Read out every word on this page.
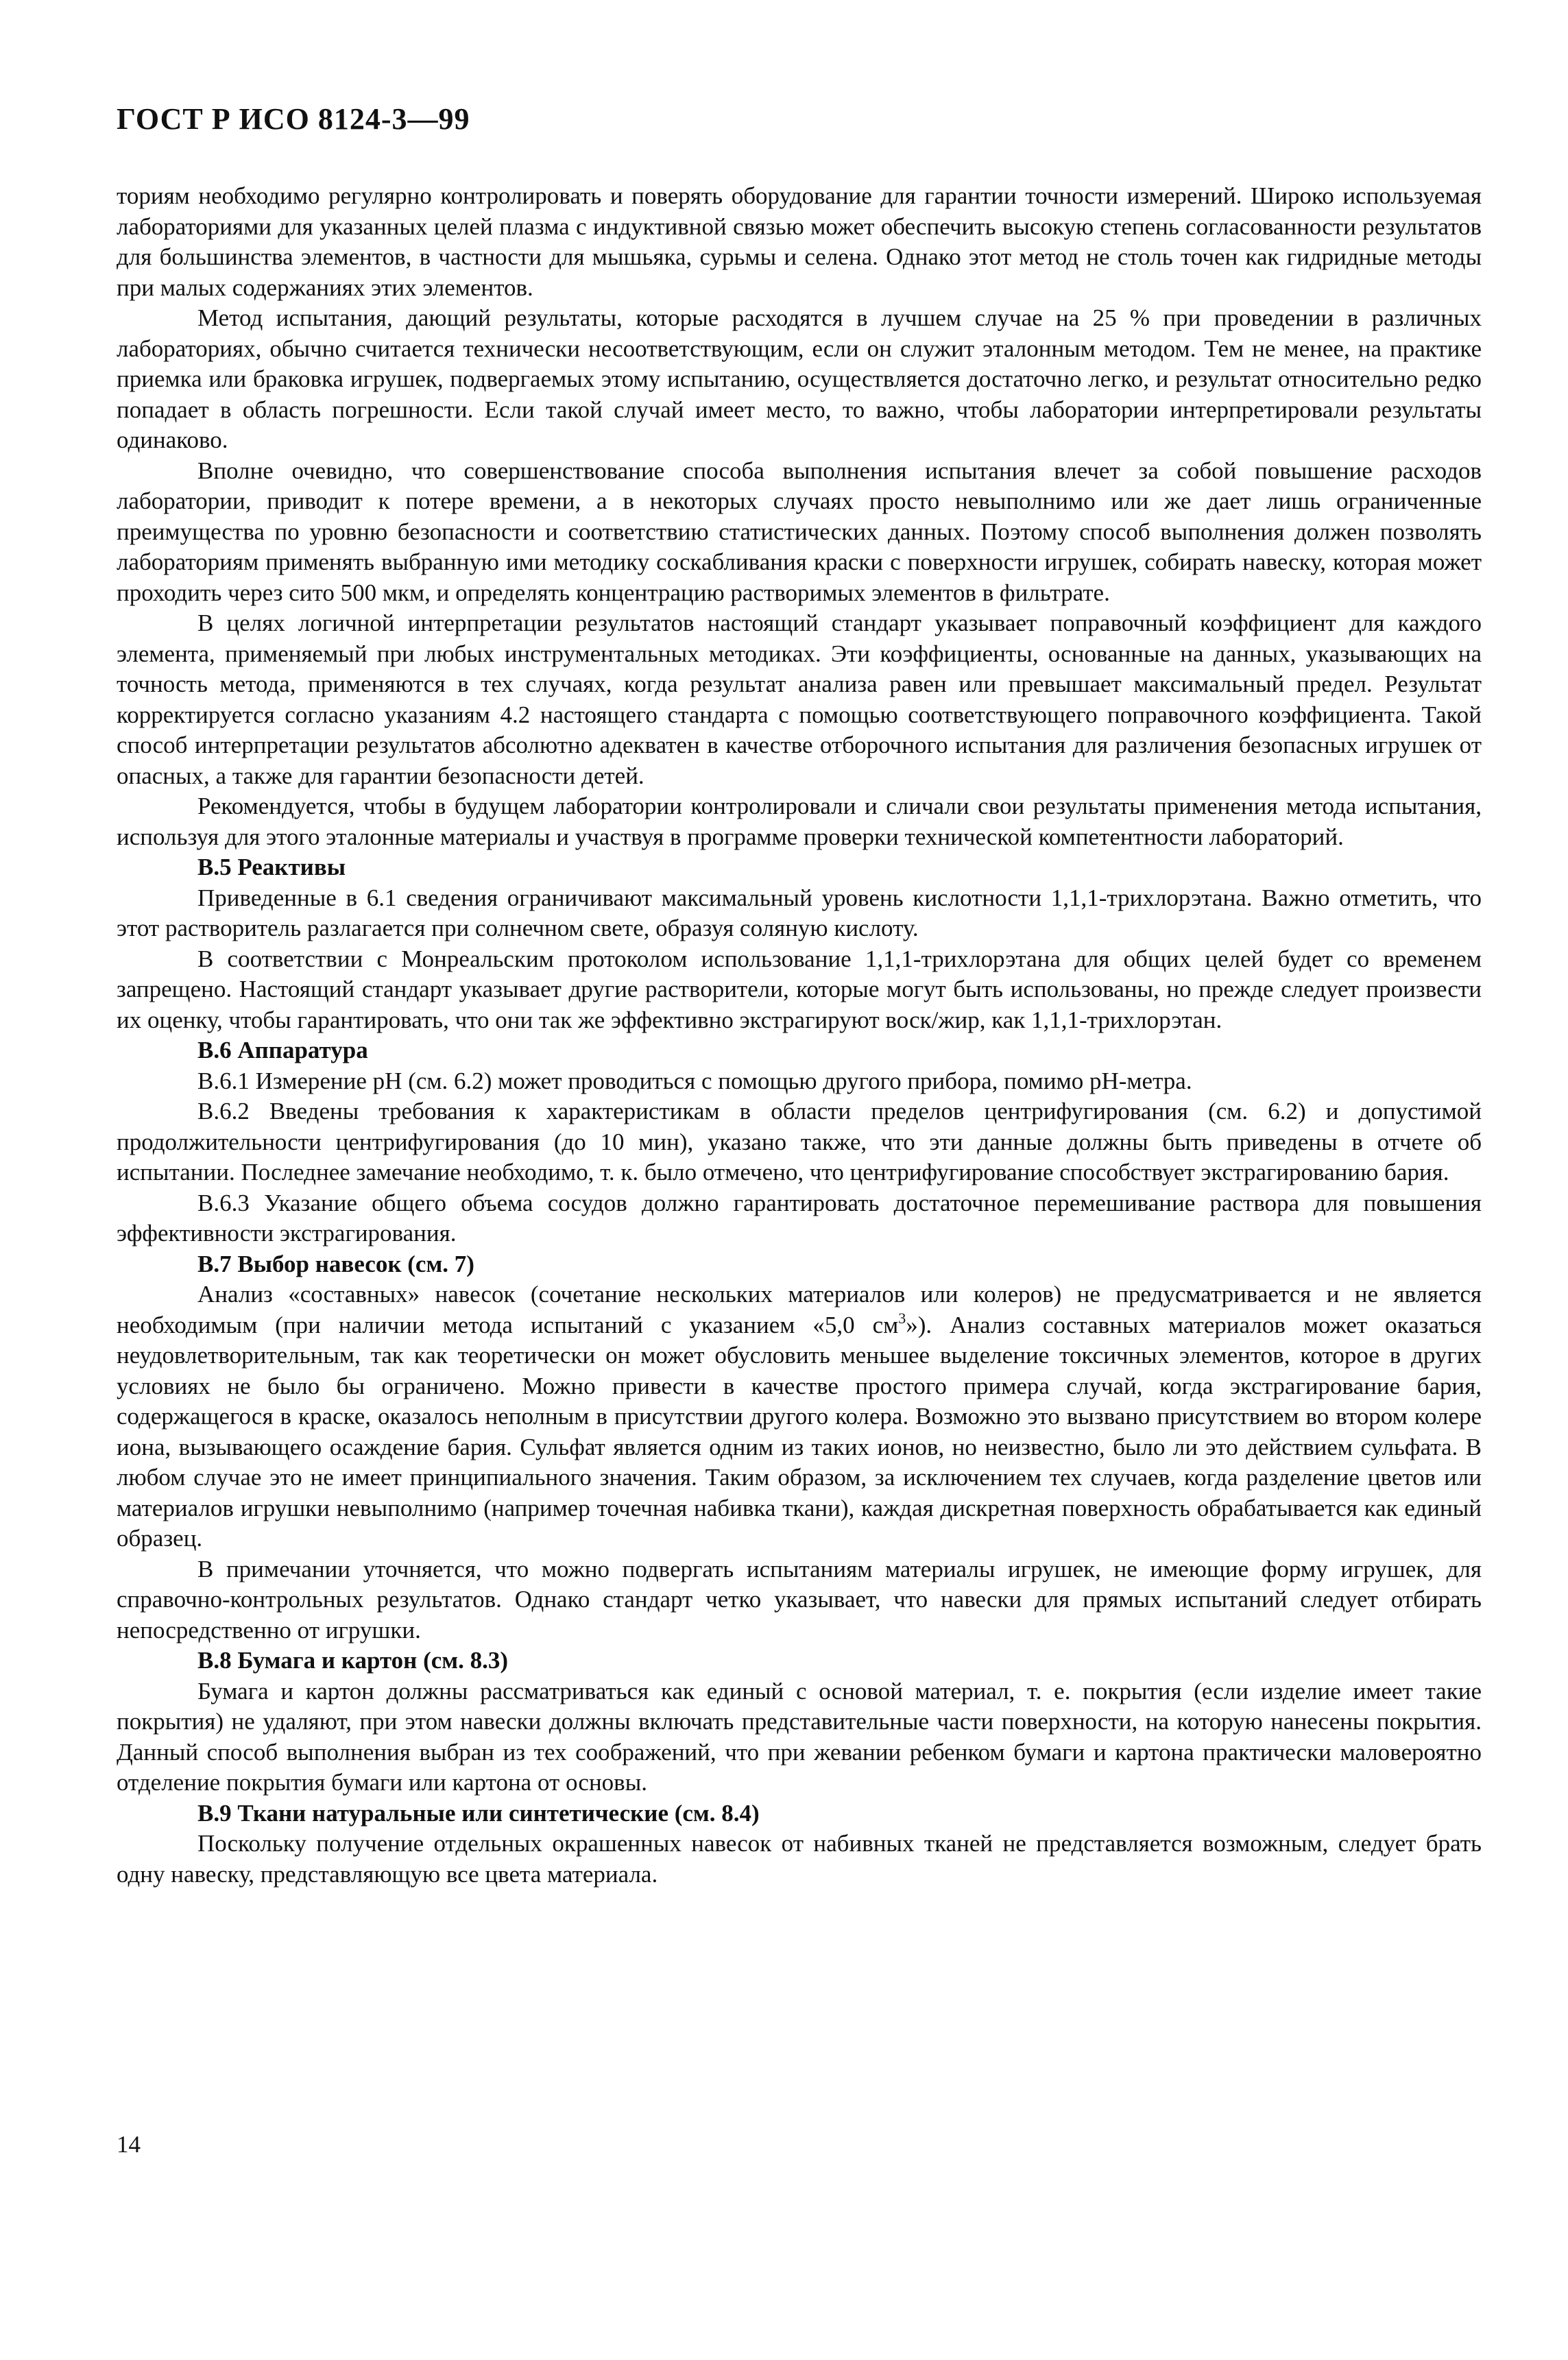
ГОСТ Р ИСО 8124-3—99

ториям необходимо регулярно контролировать и поверять оборудование для гарантии точности измерений. Широко используемая лабораториями для указанных целей плазма с индуктивной связью может обеспечить высокую степень согласованности результатов для большинства элементов, в частности для мышьяка, сурьмы и селена. Однако этот метод не столь точен как гидридные методы при малых содержаниях этих элементов.

Метод испытания, дающий результаты, которые расходятся в лучшем случае на 25 % при проведении в различных лабораториях, обычно считается технически несоответствующим, если он служит эталонным методом. Тем не менее, на практике приемка или браковка игрушек, подвергаемых этому испытанию, осуществляется достаточно легко, и результат относительно редко попадает в область погрешности. Если такой случай имеет место, то важно, чтобы лаборатории интерпретировали результаты одинаково.

Вполне очевидно, что совершенствование способа выполнения испытания влечет за собой повышение расходов лаборатории, приводит к потере времени, а в некоторых случаях просто невыполнимо или же дает лишь ограниченные преимущества по уровню безопасности и соответствию статистических данных. Поэтому способ выполнения должен позволять лабораториям применять выбранную ими методику соскабливания краски с поверхности игрушек, собирать навеску, которая может проходить через сито 500 мкм, и определять концентрацию растворимых элементов в фильтрате.

В целях логичной интерпретации результатов настоящий стандарт указывает поправочный коэффициент для каждого элемента, применяемый при любых инструментальных методиках. Эти коэффициенты, основанные на данных, указывающих на точность метода, применяются в тех случаях, когда результат анализа равен или превышает максимальный предел. Результат корректируется согласно указаниям 4.2 настоящего стандарта с помощью соответствующего поправочного коэффициента. Такой способ интерпретации результатов абсолютно адекватен в качестве отборочного испытания для различения безопасных игрушек от опасных, а также для гарантии безопасности детей.

Рекомендуется, чтобы в будущем лаборатории контролировали и сличали свои результаты применения метода испытания, используя для этого эталонные материалы и участвуя в программе проверки технической компетентности лабораторий.

B.5 Реактивы

Приведенные в 6.1 сведения ограничивают максимальный уровень кислотности 1,1,1-трихлорэтана. Важно отметить, что этот растворитель разлагается при солнечном свете, образуя соляную кислоту.

В соответствии с Монреальским протоколом использование 1,1,1-трихлорэтана для общих целей будет со временем запрещено. Настоящий стандарт указывает другие растворители, которые могут быть использованы, но прежде следует произвести их оценку, чтобы гарантировать, что они так же эффективно экстрагируют воск/жир, как 1,1,1-трихлорэтан.

B.6 Аппаратура

B.6.1 Измерение рН (см. 6.2) может проводиться с помощью другого прибора, помимо рН-метра.

B.6.2 Введены требования к характеристикам в области пределов центрифугирования (см. 6.2) и допустимой продолжительности центрифугирования (до 10 мин), указано также, что эти данные должны быть приведены в отчете об испытании. Последнее замечание необходимо, т. к. было отмечено, что центрифугирование способствует экстрагированию бария.

B.6.3 Указание общего объема сосудов должно гарантировать достаточное перемешивание раствора для повышения эффективности экстрагирования.

B.7 Выбор навесок (см. 7)

Анализ «составных» навесок (сочетание нескольких материалов или колеров) не предусматривается и не является необходимым (при наличии метода испытаний с указанием «5,0 $см^3$»). Анализ составных материалов может оказаться неудовлетворительным, так как теоретически он может обусловить меньшее выделение токсичных элементов, которое в других условиях не было бы ограничено. Можно привести в качестве простого примера случай, когда экстрагирование бария, содержащегося в краске, оказалось неполным в присутствии другого колера. Возможно это вызвано присутствием во втором колере иона, вызывающего осаждение бария. Сульфат является одним из таких ионов, но неизвестно, было ли это действием сульфата. В любом случае это не имеет принципиального значения. Таким образом, за исключением тех случаев, когда разделение цветов или материалов игрушки невыполнимо (например точечная набивка ткани), каждая дискретная поверхность обрабатывается как единый образец.

В примечании уточняется, что можно подвергать испытаниям материалы игрушек, не имеющие форму игрушек, для справочно-контрольных результатов. Однако стандарт четко указывает, что навески для прямых испытаний следует отбирать непосредственно от игрушки.

B.8 Бумага и картон (см. 8.3)

Бумага и картон должны рассматриваться как единый с основой материал, т. е. покрытия (если изделие имеет такие покрытия) не удаляют, при этом навески должны включать представительные части поверхности, на которую нанесены покрытия. Данный способ выполнения выбран из тех соображений, что при жевании ребенком бумаги и картона практически маловероятно отделение покрытия бумаги или картона от основы.

B.9 Ткани натуральные или синтетические (см. 8.4)

Поскольку получение отдельных окрашенных навесок от набивных тканей не представляется возможным, следует брать одну навеску, представляющую все цвета материала.

14
